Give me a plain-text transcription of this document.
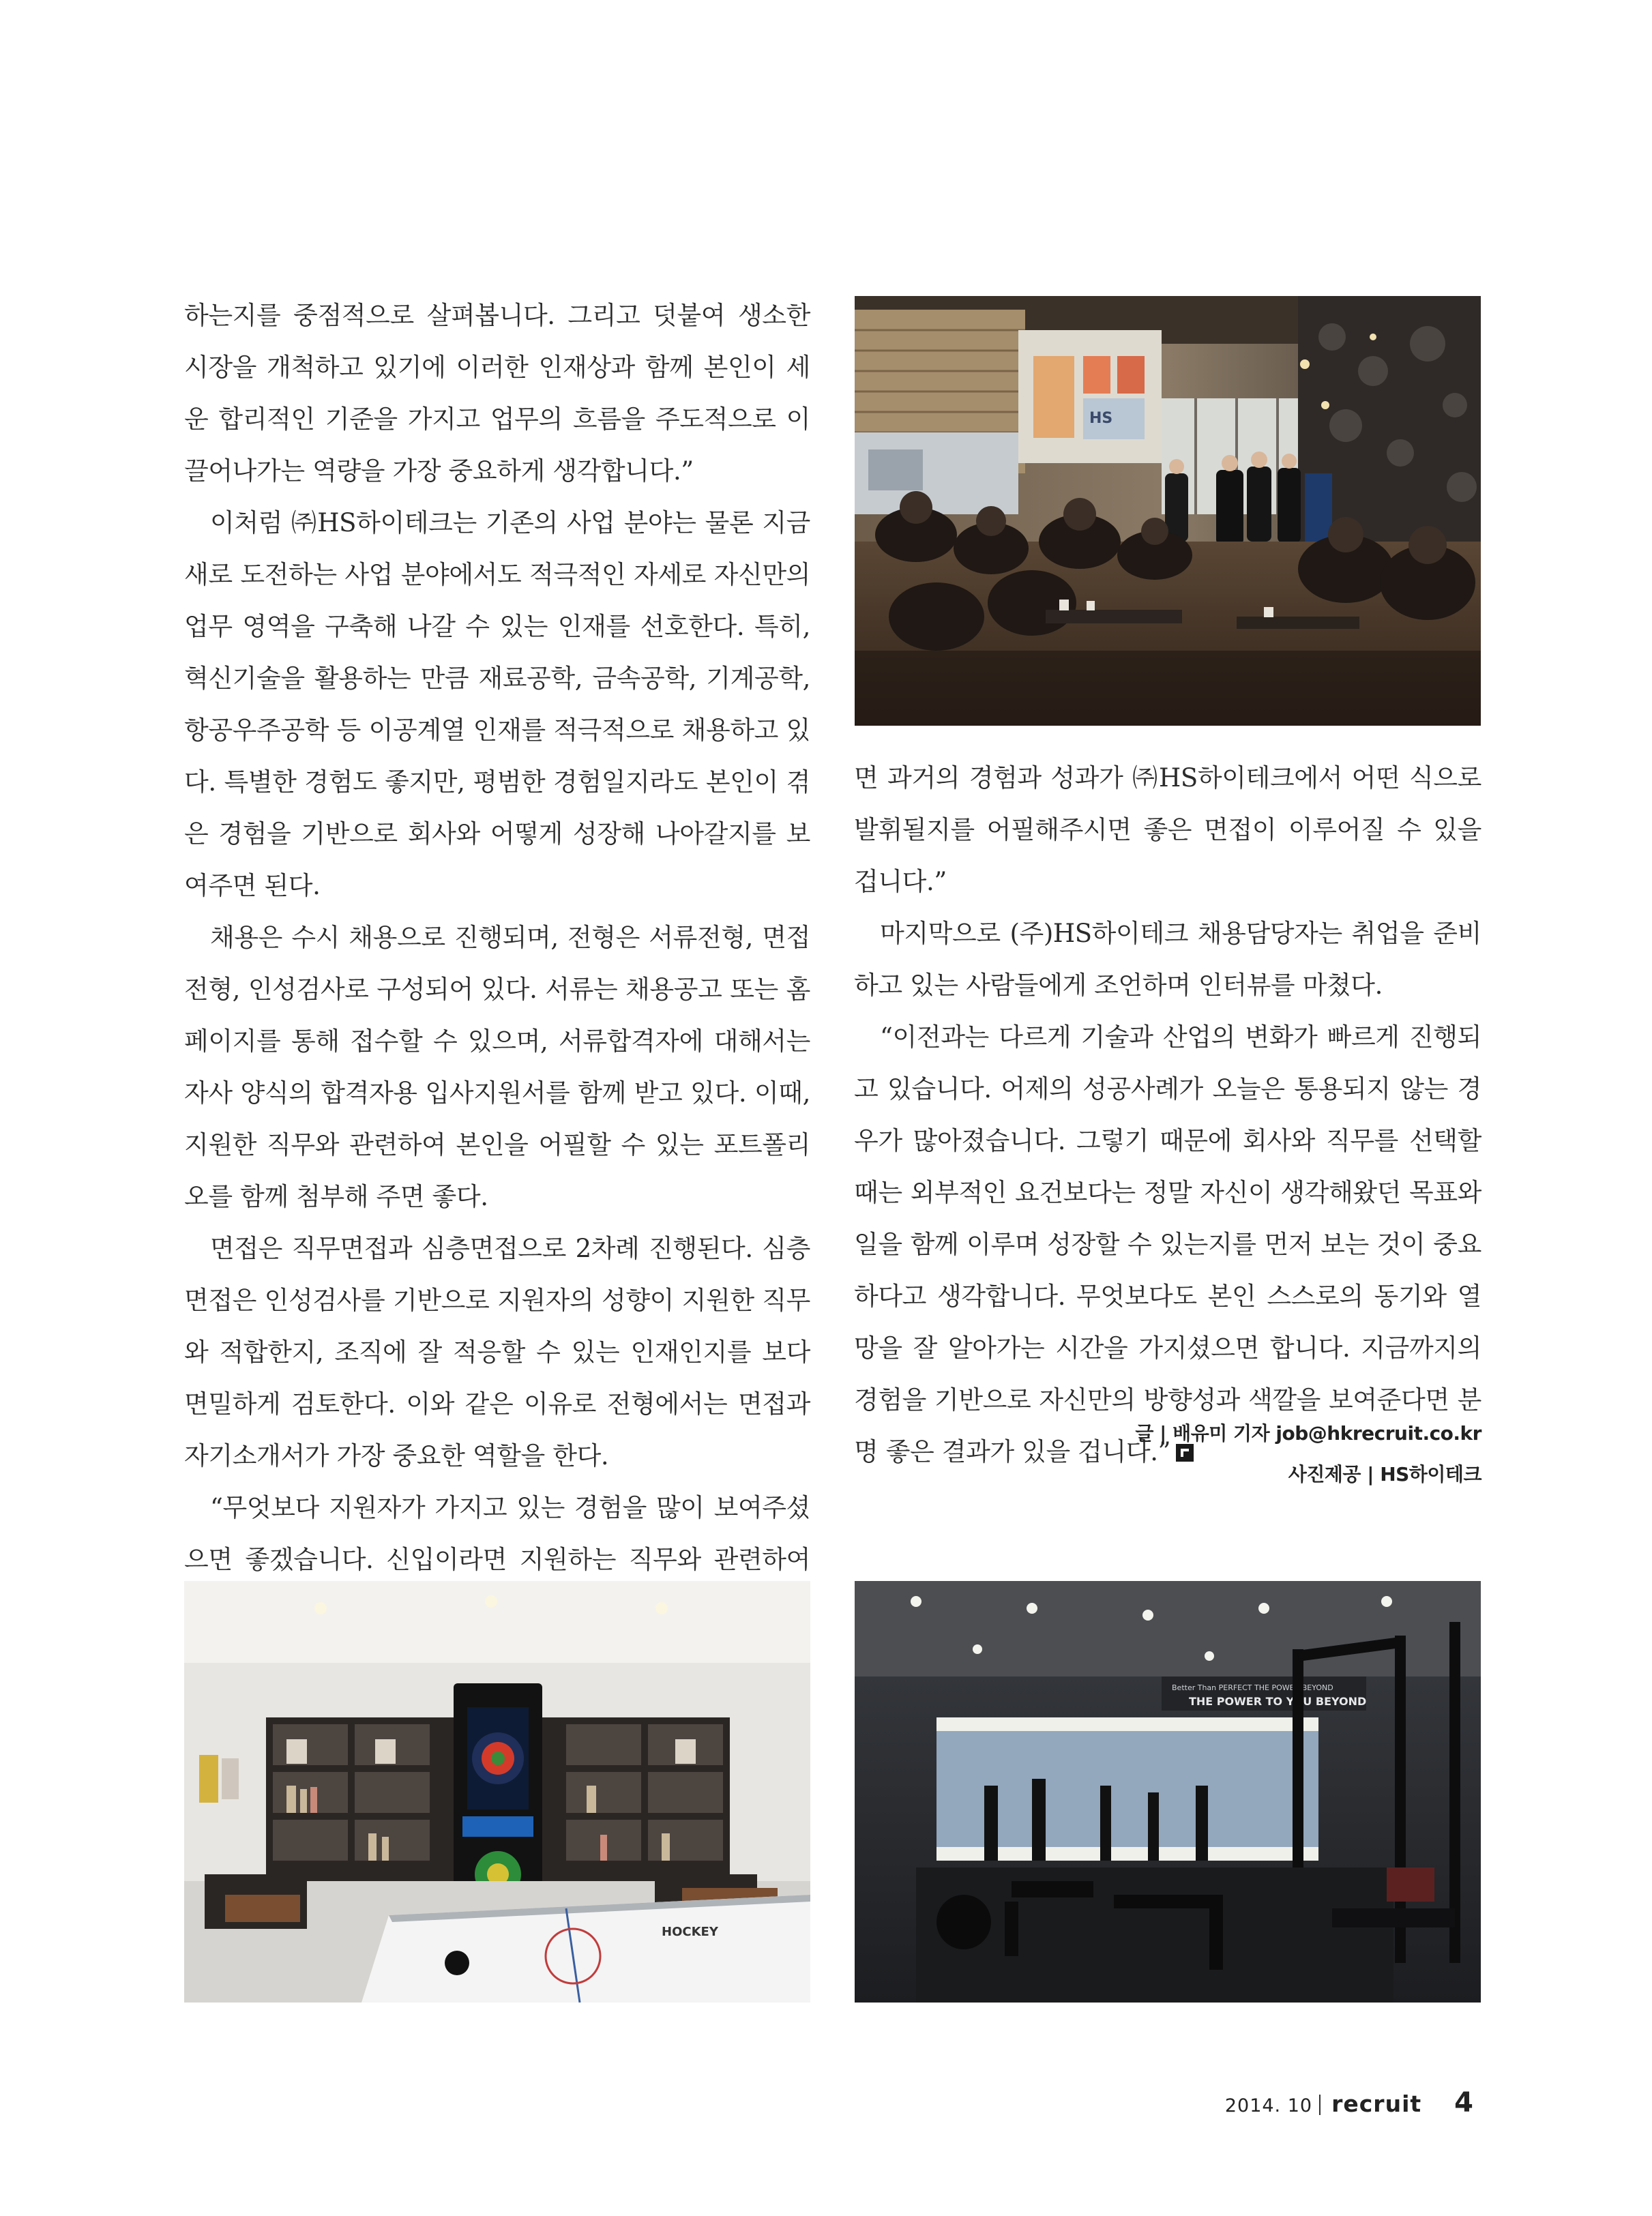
하는지를 중점적으로 살펴봅니다. 그리고 덧붙여 생소한 시장을 개척하고 있기에 이러한 인재상과 함께 본인이 세운 합리적인 기준을 가지고 업무의 흐름을 주도적으로 이끌어나가는 역량을 가장 중요하게 생각합니다.”

이처럼 ㈜HS하이테크는 기존의 사업 분야는 물론 지금 새로 도전하는 사업 분야에서도 적극적인 자세로 자신만의 업무 영역을 구축해 나갈 수 있는 인재를 선호한다. 특히, 혁신기술을 활용하는 만큼 재료공학, 금속공학, 기계공학, 항공우주공학 등 이공계열 인재를 적극적으로 채용하고 있다. 특별한 경험도 좋지만, 평범한 경험일지라도 본인이 겪은 경험을 기반으로 회사와 어떻게 성장해 나아갈지를 보여주면 된다.

채용은 수시 채용으로 진행되며, 전형은 서류전형, 면접전형, 인성검사로 구성되어 있다. 서류는 채용공고 또는 홈페이지를 통해 접수할 수 있으며, 서류합격자에 대해서는 자사 양식의 합격자용 입사지원서를 함께 받고 있다. 이때, 지원한 직무와 관련하여 본인을 어필할 수 있는 포트폴리오를 함께 첨부해 주면 좋다.

면접은 직무면접과 심층면접으로 2차례 진행된다. 심층면접은 인성검사를 기반으로 지원자의 성향이 지원한 직무와 적합한지, 조직에 잘 적응할 수 있는 인재인지를 보다 면밀하게 검토한다. 이와 같은 이유로 전형에서는 면접과 자기소개서가 가장 중요한 역할을 한다.

“무엇보다 지원자가 가지고 있는 경험을 많이 보여주셨으면 좋겠습니다. 신입이라면 지원하는 직무와 관련하여

HS

면 과거의 경험과 성과가 ㈜HS하이테크에서 어떤 식으로 발휘될지를 어필해주시면 좋은 면접이 이루어질 수 있을 겁니다.”

마지막으로 (주)HS하이테크 채용담당자는 취업을 준비하고 있는 사람들에게 조언하며 인터뷰를 마쳤다.

“이전과는 다르게 기술과 산업의 변화가 빠르게 진행되고 있습니다. 어제의 성공사례가 오늘은 통용되지 않는 경우가 많아졌습니다. 그렇기 때문에 회사와 직무를 선택할 때는 외부적인 요건보다는 정말 자신이 생각해왔던 목표와 일을 함께 이루며 성장할 수 있는지를 먼저 보는 것이 중요하다고 생각합니다. 무엇보다도 본인 스스로의 동기와 열망을 잘 알아가는 시간을 가지셨으면 합니다. 지금까지의 경험을 기반으로 자신만의 방향성과 색깔을 보여준다면 분명 좋은 결과가 있을 겁니다.”

글 | 배유미 기자 job@hkrecruit.co.kr
사진제공 | HS하이테크
HOCKEY
Better Than PERFECT THE POWER BEYOND
THE POWER TO YOU BEYOND
2014. 10 recruit 4
